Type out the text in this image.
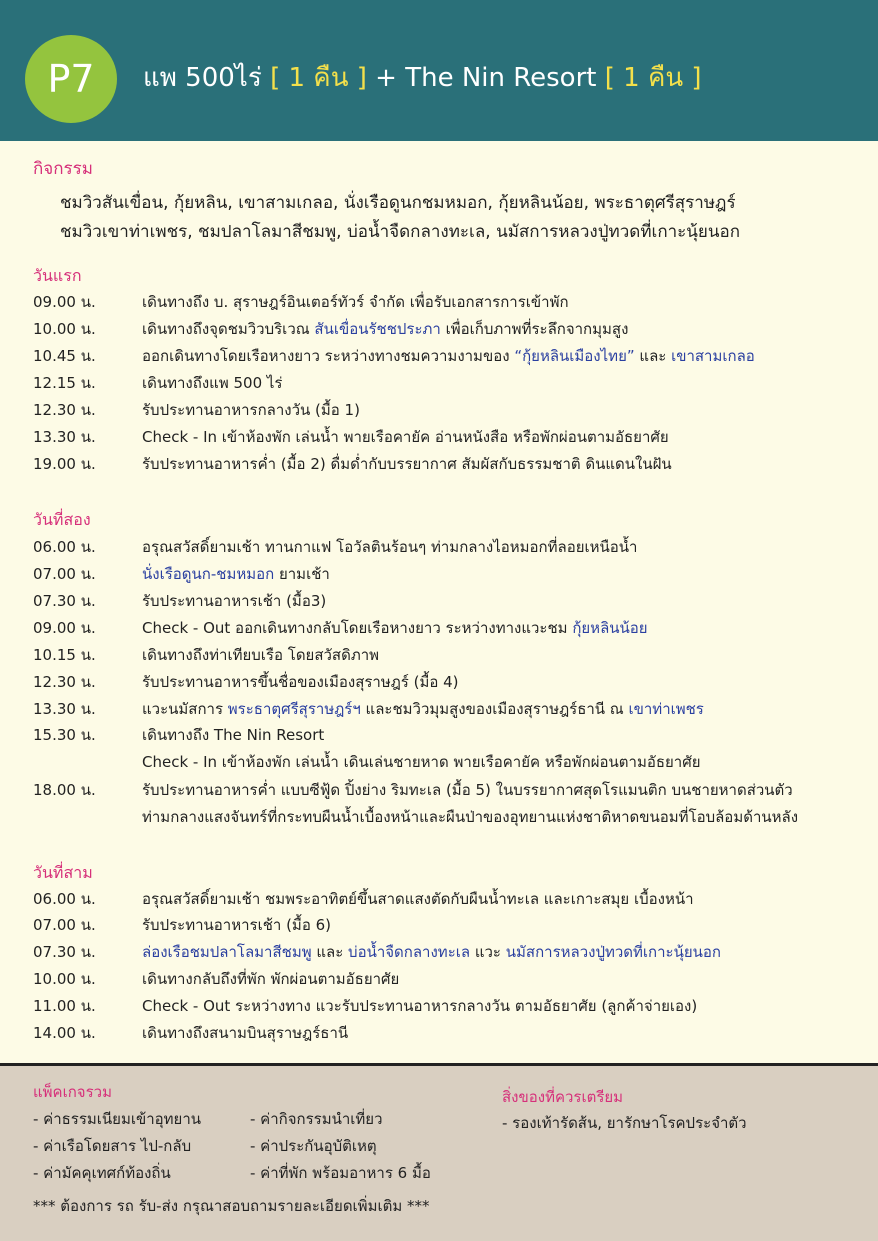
P7	แพ 500ไร่ [ 1 คืน ] + The Nin Resort [ 1 คืน ]
กิจกรรม
ชมวิวสันเขื่อน, กุ้ยหลิน, เขาสามเกลอ, นั่งเรือดูนกชมหมอก, กุ้ยหลินน้อย, พระธาตุศรีสุราษฎร์
ชมวิวเขาท่าเพชร, ชมปลาโลมาสีชมพู, บ่อน้ำจืดกลางทะเล, นมัสการหลวงปู่ทวดที่เกาะนุ้ยนอก
วันแรก
09.00 น.	เดินทางถึง บ. สุราษฎร์อินเตอร์ทัวร์ จำกัด เพื่อรับเอกสารการเข้าพัก
10.00 น.	เดินทางถึงจุดชมวิวบริเวณ สันเขื่อนรัชชประภา เพื่อเก็บภาพที่ระลึกจากมุมสูง
10.45 น.	ออกเดินทางโดยเรือหางยาว ระหว่างทางชมความงามของ “กุ้ยหลินเมืองไทย” และ เขาสามเกลอ
12.15 น.	เดินทางถึงแพ 500 ไร่
12.30 น.	รับประทานอาหารกลางวัน (มื้อ 1)
13.30 น.	Check - In เข้าห้องพัก เล่นน้ำ พายเรือคายัค อ่านหนังสือ หรือพักผ่อนตามอัธยาศัย
19.00 น.	รับประทานอาหารค่ำ (มื้อ 2) ดื่มด่ำกับบรรยากาศ สัมผัสกับธรรมชาติ ดินแดนในฝัน
วันที่สอง
06.00 น.	อรุณสวัสดิ์ยามเช้า ทานกาแฟ โอวัลตินร้อนๆ ท่ามกลางไอหมอกที่ลอยเหนือน้ำ
07.00 น.	นั่งเรือดูนก-ชมหมอก ยามเช้า
07.30 น.	รับประทานอาหารเช้า (มื้อ3)
09.00 น.	Check - Out ออกเดินทางกลับโดยเรือหางยาว ระหว่างทางแวะชม กุ้ยหลินน้อย
10.15 น.	เดินทางถึงท่าเทียบเรือ โดยสวัสดิภาพ
12.30 น.	รับประทานอาหารขึ้นชื่อของเมืองสุราษฎร์ (มื้อ 4)
13.30 น.	แวะนมัสการ พระธาตุศรีสุราษฎร์ฯ และชมวิวมุมสูงของเมืองสุราษฎร์ธานี ณ เขาท่าเพชร
15.30 น.	เดินทางถึง The Nin Resort
Check - In เข้าห้องพัก เล่นน้ำ เดินเล่นชายหาด พายเรือคายัค หรือพักผ่อนตามอัธยาศัย
18.00 น.	รับประทานอาหารค่ำ แบบซีฟู้ด ปิ้งย่าง ริมทะเล (มื้อ 5) ในบรรยากาศสุดโรแมนติก บนชายหาดส่วนตัว
ท่ามกลางแสงจันทร์ที่กระทบผืนน้ำเบื้องหน้าและผืนป่าของอุทยานแห่งชาติหาดขนอมที่โอบล้อมด้านหลัง
วันที่สาม
06.00 น.	อรุณสวัสดิ์ยามเช้า ชมพระอาทิตย์ขึ้นสาดแสงตัดกับผืนน้ำทะเล และเกาะสมุย เบื้องหน้า
07.00 น.	รับประทานอาหารเช้า (มื้อ 6)
07.30 น.	ล่องเรือชมปลาโลมาสีชมพู และ บ่อน้ำจืดกลางทะเล แวะ นมัสการหลวงปู่ทวดที่เกาะนุ้ยนอก
10.00 น.	เดินทางกลับถึงที่พัก พักผ่อนตามอัธยาศัย
11.00 น.	Check - Out ระหว่างทาง แวะรับประทานอาหารกลางวัน ตามอัธยาศัย (ลูกค้าจ่ายเอง)
14.00 น.	เดินทางถึงสนามบินสุราษฎร์ธานี
แพ็คเกจรวม
- ค่าธรรมเนียมเข้าอุทยาน
- ค่าเรือโดยสาร ไป-กลับ
- ค่ามัคคุเทศก์ท้องถิ่น
- ค่ากิจกรรมนำเที่ยว
- ค่าประกันอุบัติเหตุ
- ค่าที่พัก พร้อมอาหาร 6 มื้อ
สิ่งของที่ควรเตรียม
- รองเท้ารัดส้น, ยารักษาโรคประจำตัว
*** ต้องการ รถ รับ-ส่ง กรุณาสอบถามรายละเอียดเพิ่มเติม ***
